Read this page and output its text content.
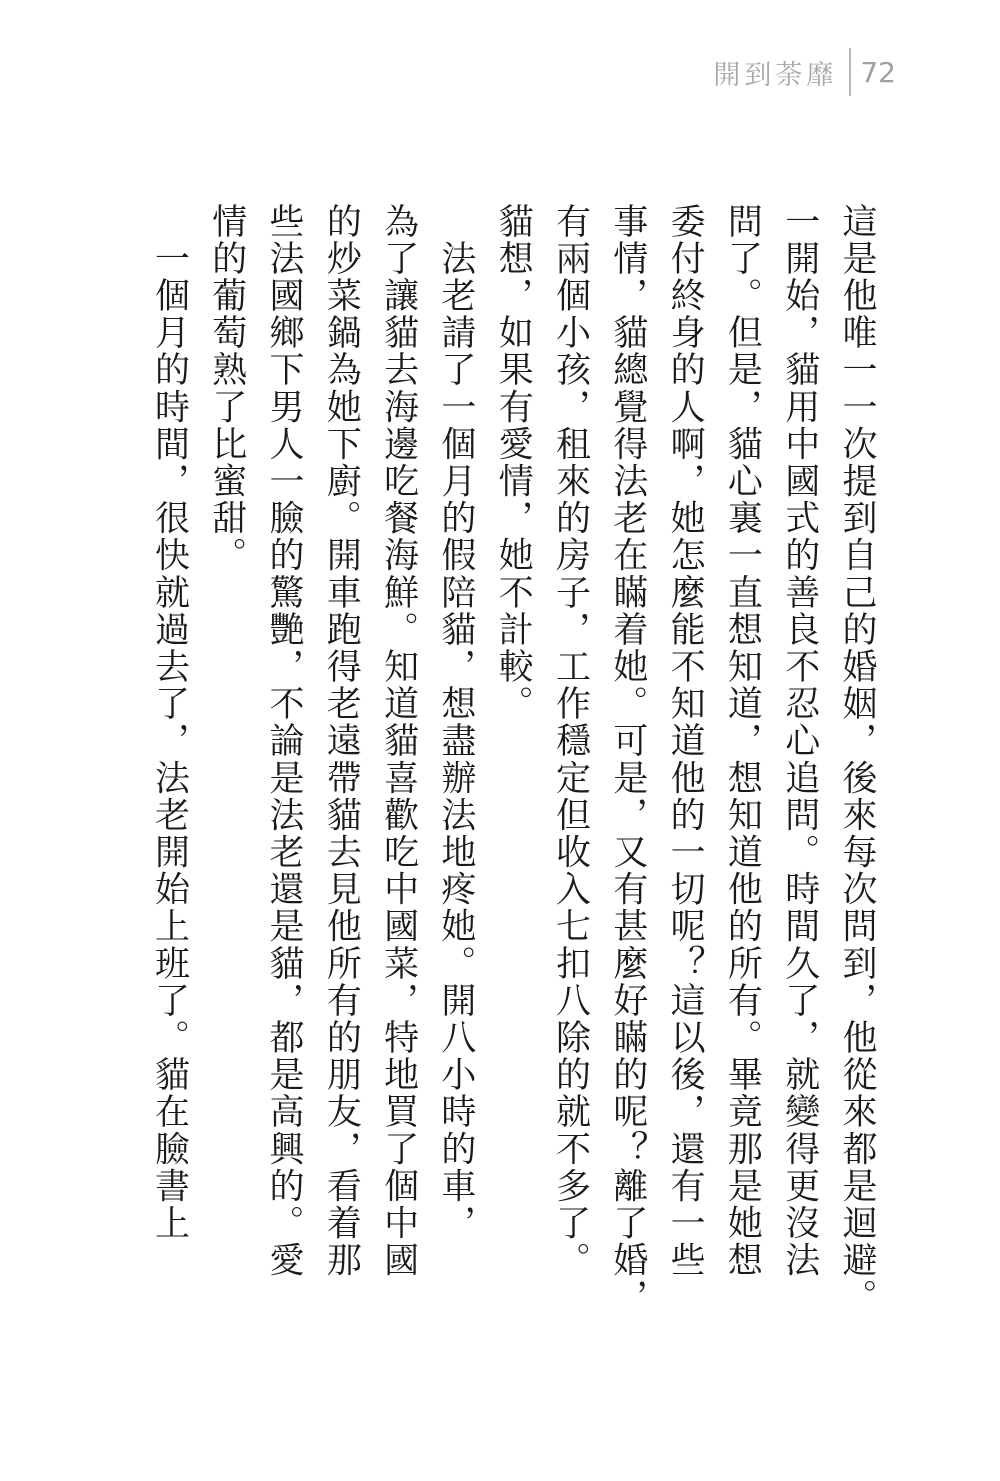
開到荼靡 72

這是他唯一一次提到自己的婚姻，後來每次問到，他從來都是迴避。

一開始，貓用中國式的善良不忍心追問。時間久了，就變得更沒法

問了。但是，貓心裏一直想知道，想知道他的所有。畢竟那是她想

委付終身的人啊，她怎麼能不知道他的一切呢？這以後，還有一些

事情，貓總覺得法老在瞞着她。可是，又有甚麼好瞞的呢？離了婚，

有兩個小孩，租來的房子，工作穩定但收入七扣八除的就不多了。

貓想，如果有愛情，她不計較。

　法老請了一個月的假陪貓，想盡辦法地疼她。開八小時的車，

為了讓貓去海邊吃餐海鮮。知道貓喜歡吃中國菜，特地買了個中國

的炒菜鍋為她下廚。開車跑得老遠帶貓去見他所有的朋友，看着那

些法國鄉下男人一臉的驚艷，不論是法老還是貓，都是高興的。愛

情的葡萄熟了比蜜甜。

　一個月的時間，很快就過去了，法老開始上班了。貓在臉書上
